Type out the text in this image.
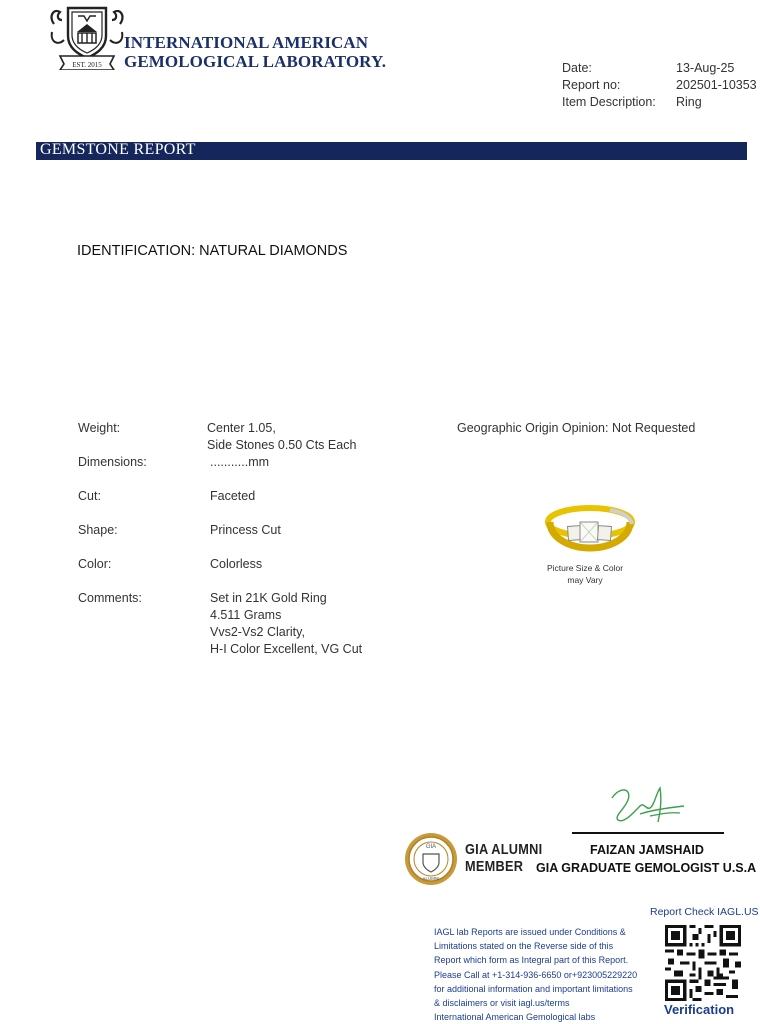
EST. 2015
INTERNATIONAL AMERICAN
GEMOLOGICAL LABORATORY.	Date:	13-Aug-25
Report no:	202501-10353
Item Description: Ring
GEMSTONE REPORT
IDENTIFICATION: NATURAL DIAMONDS
Weight:	Center 1.05,
Side Stones 0.50 Cts Each
Dimensions:	...........mm
Cut:	Faceted
Shape:	Princess Cut
Color:	Colorless
Comments:	Set in 21K Gold Ring
4.511 Grams
Vvs2-Vs2 Clarity,
H-I Color Excellent, VG Cut
Geographic Origin Opinion: Not Requested
Picture Size & Color
may Vary
FAIZAN JAMSHAID
GIA GRADUATE GEMOLOGIST U.S.A
GIA
ALUMNI
GIA ALUMNI
MEMBER
Report Check IAGL.US
IAGL lab Reports are issued under Conditions &
Limitations stated on the Reverse side of this
Report which form as Integral part of this Report.
Please Call at +1-314-936-6650 or+923005229220
for additional information and important limitations
& disclaimers or visit iagl.us/terms
International American Gemological labs
Verification
